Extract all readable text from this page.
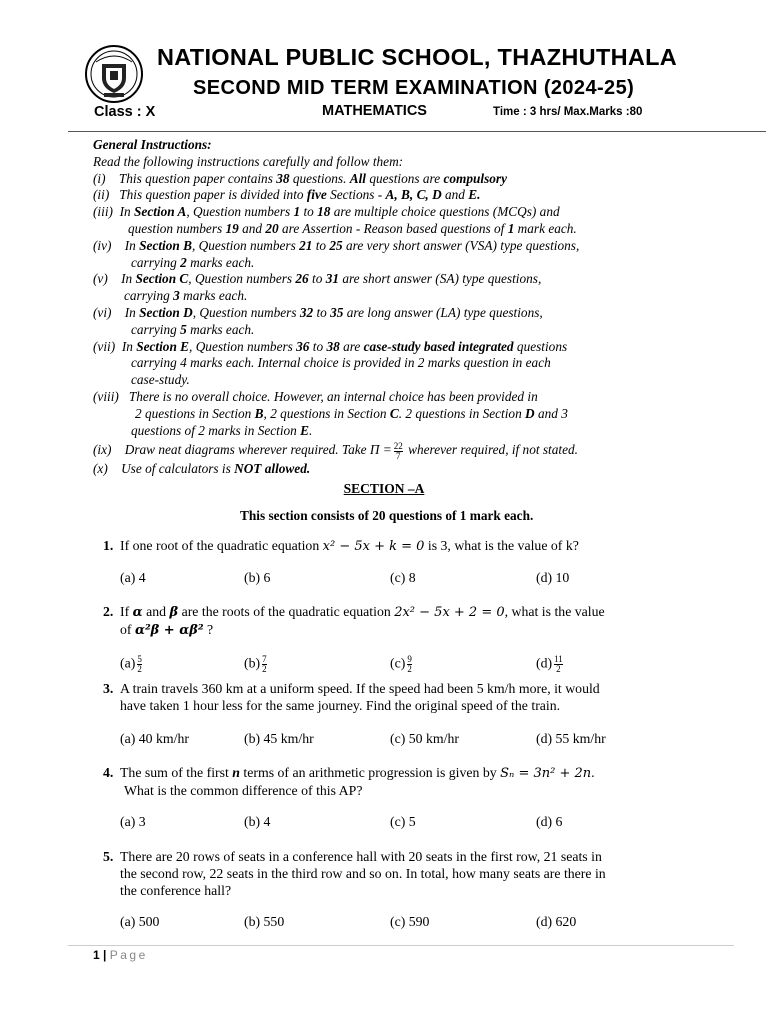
NATIONAL PUBLIC SCHOOL, THAZHUTHALA
SECOND MID TERM EXAMINATION (2024-25)
Class : X	MATHEMATICS	Time : 3 hrs/ Max.Marks :80
General Instructions:
Read the following instructions carefully and follow them:
(i) This question paper contains 38 questions. All questions are compulsory
(ii) This question paper is divided into five Sections - A, B, C, D and E.
(iii) In Section A, Question numbers 1 to 18 are multiple choice questions (MCQs) and
question numbers 19 and 20 are Assertion - Reason based questions of 1 mark each.
(iv) In Section B, Question numbers 21 to 25 are very short answer (VSA) type questions,
carrying 2 marks each.
(v) In Section C, Question numbers 26 to 31 are short answer (SA) type questions,
carrying 3 marks each.
(vi) In Section D, Question numbers 32 to 35 are long answer (LA) type questions,
carrying 5 marks each.
(vii) In Section E, Question numbers 36 to 38 are case-study based integrated questions
carrying 4 marks each. Internal choice is provided in 2 marks question in each
case-study.
(viii) There is no overall choice. However, an internal choice has been provided in
2 questions in Section B, 2 questions in Section C. 2 questions in Section D and 3
questions of 2 marks in Section E.
(ix) Draw neat diagrams wherever required. Take $\Pi = \frac{22}{7}$ wherever required, if not stated.
(x) Use of calculators is NOT allowed.
SECTION –A
This section consists of 20 questions of 1 mark each.
1. If one root of the quadratic equation x² − 5x + k = 0 is 3, what is the value of k?
(a) 4	(b) 6	(c) 8	(d) 10
2. If α and β are the roots of the quadratic equation 2x² − 5x + 2 = 0, what is the value
of α²β + αβ² ?
$(a) \frac{5}{2}$	$(b) \frac{7}{2}$	$(c) \frac{9}{2}$	$(d) \frac{11}{2}$
3. A train travels 360 km at a uniform speed. If the speed had been 5 km/h more, it would
have taken 1 hour less for the same journey. Find the original speed of the train.
(a) 40 km/hr	(b) 45 km/hr	(c) 50 km/hr	(d) 55 km/hr
4. The sum of the first n terms of an arithmetic progression is given by Sₙ = 3n² + 2n.
What is the common difference of this AP?
(a) 3	(b) 4	(c) 5	(d) 6
5. There are 20 rows of seats in a conference hall with 20 seats in the first row, 21 seats in
the second row, 22 seats in the third row and so on. In total, how many seats are there in
the conference hall?
(a) 500	(b) 550	(c) 590	(d) 620
1 | Page
